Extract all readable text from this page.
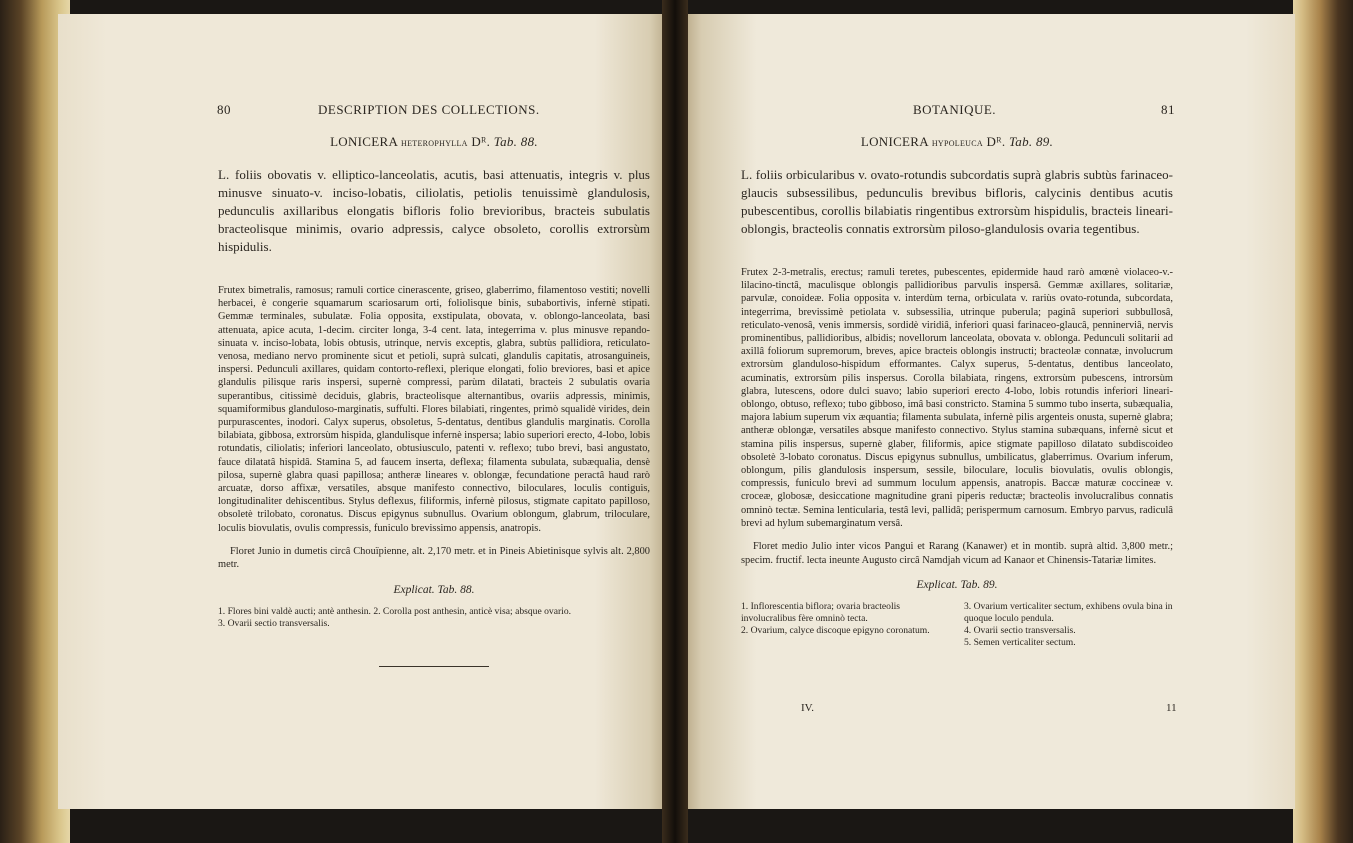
80	DESCRIPTION DES COLLECTIONS.
LONICERA heterophylla Dᴿ. Tab. 88.

L. foliis obovatis v. elliptico-lanceolatis, acutis, basi attenuatis, integris v. plus minusve sinuato-v. inciso-lobatis, ciliolatis, petiolis tenuissimè glandulosis, pedunculis axillaribus elongatis bifloris folio brevioribus, bracteis subulatis bracteolisque minimis, ovario adpressis, calyce obsoleto, corollis extrorsùm hispidulis.

Frutex bimetralis, ramosus; ramuli cortice cinerascente, griseo, glaberrimo, filamentoso vestiti; novelli herbacei, è congerie squamarum scariosarum orti, foliolisque binis, subabortivis, infernè stipati. Gemmæ terminales, subulatæ. Folia opposita, exstipulata, obovata, v. oblongo-lanceolata, basi attenuata, apice acuta, 1-decim. circiter longa, 3-4 cent. lata, integerrima v. plus minusve repando-sinuata v. inciso-lobata, lobis obtusis, utrinque, nervis exceptis, glabra, subtùs pallidiora, reticulato-venosa, mediano nervo prominente sicut et petioli, suprà sulcati, glandulis capitatis, atrosanguineis, inspersi. Pedunculi axillares, quidam contorto-reflexi, plerique elongati, folio breviores, basi et apice glandulis pilisque raris inspersi, supernè compressi, parùm dilatati, bracteis 2 subulatis ovaria superantibus, citissimè deciduis, glabris, bracteolisque alternantibus, ovariis adpressis, minimis, squamiformibus glanduloso-marginatis, suffulti. Flores bilabiati, ringentes, primò squalidè virides, dein purpurascentes, inodori. Calyx superus, obsoletus, 5-dentatus, dentibus glandulis marginatis. Corolla bilabiata, gibbosa, extrorsùm hispida, glandulisque infernè inspersa; labio superiori erecto, 4-lobo, lobis rotundatis, ciliolatis; inferiori lanceolato, obtusiusculo, patenti v. reflexo; tubo brevi, basi angustato, fauce dilatatâ hispidâ. Stamina 5, ad faucem inserta, deflexa; filamenta subulata, subæqualia, densè pilosa, supernè glabra quasi papillosa; antheræ lineares v. oblongæ, fecundatione peractâ haud rarò arcuatæ, dorso affixæ, versatiles, absque manifesto connectivo, biloculares, loculis contiguis, longitudinaliter dehiscentibus. Stylus deflexus, filiformis, infernè pilosus, stigmate capitato papilloso, obsoletè trilobato, coronatus. Discus epigynus subnullus. Ovarium oblongum, glabrum, triloculare, loculis biovulatis, ovulis compressis, funiculo brevissimo appensis, anatropis.

Floret Junio in dumetis circâ Chouïpienne, alt. 2,170 metr. et in Pineis Abietinisque sylvis alt. 2,800 metr.

Explicat. Tab. 88.
1. Flores bini valdè aucti; antè anthesin. 2. Corolla post anthesin, anticè visa; absque ovario.
3. Ovarii sectio transversalis.
BOTANIQUE.	81
LONICERA hypoleuca Dᴿ. Tab. 89.

L. foliis orbicularibus v. ovato-rotundis subcordatis suprà glabris subtùs farinaceo-glaucis subsessilibus, pedunculis brevibus bifloris, calycinis dentibus acutis pubescentibus, corollis bilabiatis ringentibus extrorsùm hispidulis, bracteis lineari-oblongis, bracteolis connatis extrorsùm piloso-glandulosis ovaria tegentibus.

Frutex 2-3-metralis, erectus; ramuli teretes, pubescentes, epidermide haud rarò amœnè violaceo-v.-lilacino-tinctâ, maculisque oblongis pallidioribus parvulis inspersâ. Gemmæ axillares, solitariæ, parvulæ, conoideæ. Folia opposita v. interdùm terna, orbiculata v. rariùs ovato-rotunda, subcordata, integerrima, brevissimè petiolata v. subsessilia, utrinque puberula; paginâ superiori subbullosâ, reticulato-venosâ, venis immersis, sordidè viridiâ, inferiori quasi farinaceo-glaucâ, penninerviâ, nervis prominentibus, pallidioribus, albidis; novellorum lanceolata, obovata v. oblonga. Pedunculi solitarii ad axillâ foliorum supremorum, breves, apice bracteis oblongis instructi; bracteolæ connatæ, involucrum extrorsùm glanduloso-hispidum efformantes. Calyx superus, 5-dentatus, dentibus lanceolato, acuminatis, extrorsùm pilis inspersus. Corolla bilabiata, ringens, extrorsùm pubescens, introrsùm glabra, lutescens, odore dulci suavo; labio superiori erecto 4-lobo, lobis rotundis inferiori lineari-oblongo, obtuso, reflexo; tubo gibboso, imâ basi constricto. Stamina 5 summo tubo inserta, subæqualia, majora labium superum vix æquantia; filamenta subulata, infernè pilis argenteis onusta, supernè glabra; antheræ oblongæ, versatiles absque manifesto connectivo. Stylus stamina subæquans, infernè sicut et stamina pilis inspersus, supernè glaber, filiformis, apice stigmate papilloso dilatato subdiscoideo obsoletè 3-lobato coronatus. Discus epigynus subnullus, umbilicatus, glaberrimus. Ovarium inferum, oblongum, pilis glandulosis inspersum, sessile, biloculare, loculis biovulatis, ovulis oblongis, compressis, funiculo brevi ad summum loculum appensis, anatropis. Baccæ maturæ coccineæ v. croceæ, globosæ, desiccatione magnitudine grani piperis reductæ; bracteolis involucralibus connatis omninò tectæ. Semina lenticularia, testâ levi, pallidâ; perispermum carnosum. Embryo parvus, radiculâ brevi ad hylum subemarginatum versâ.

Floret medio Julio inter vicos Pangui et Rarang (Kanawer) et in montib. suprà altid. 3,800 metr.; specim. fructif. lecta ineunte Augusto circâ Namdjah vicum ad Kanaor et Chinensis-Tatariæ limites.

Explicat. Tab. 89.
1. Inflorescentia biflora; ovaria bracteolis involucralibus fère omninò tecta.
2. Ovarium, calyce discoque epigyno coronatum.
3. Ovarium verticaliter sectum, exhibens ovula bina in quoque loculo pendula.
4. Ovarii sectio transversalis.
5. Semen verticaliter sectum.
IV.	11
